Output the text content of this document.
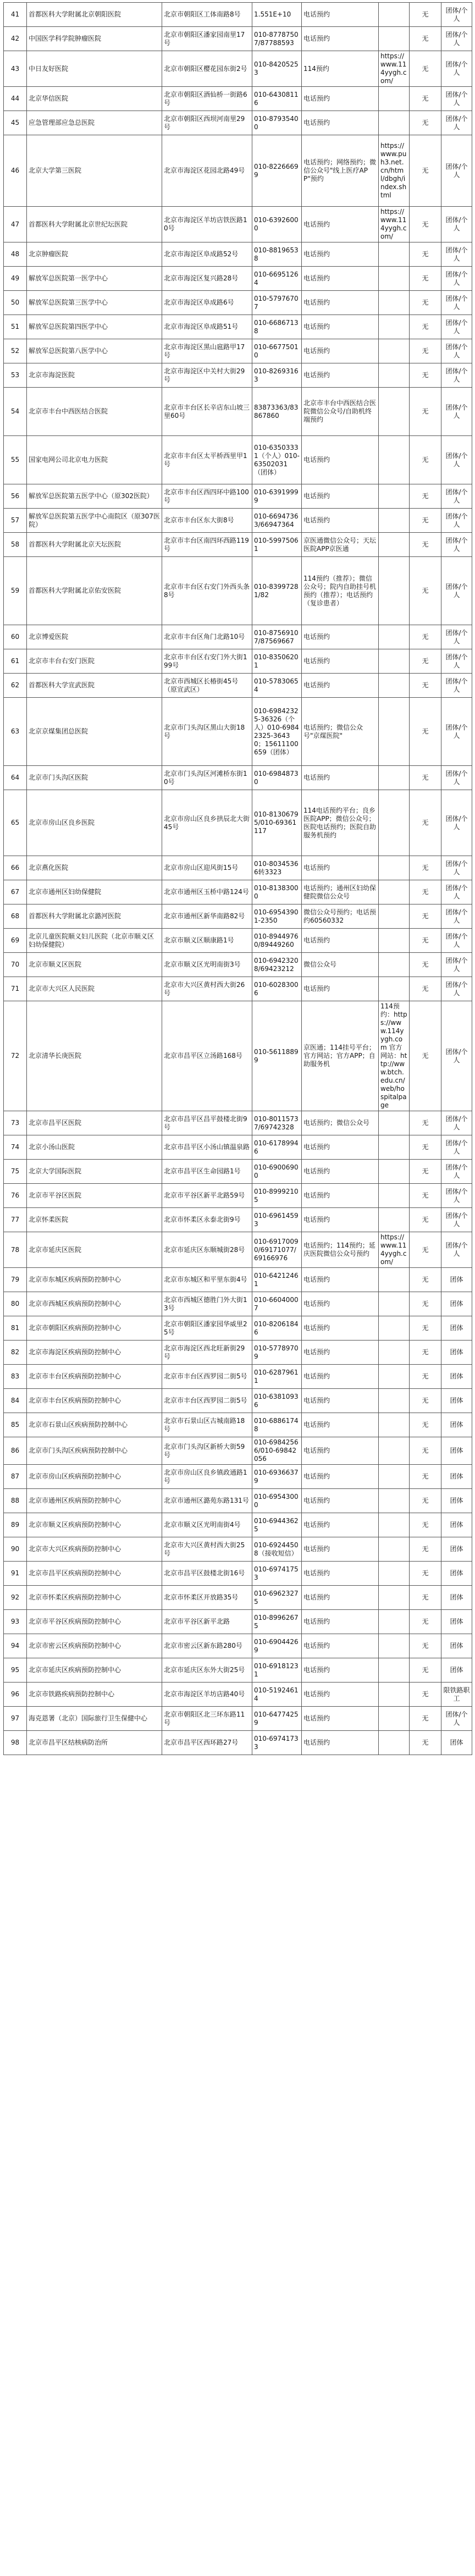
41	首都医科大学附属北京朝阳医院	北京市朝阳区工体南路8号	1.551E+10	电话预约		无	团体/个人
42	中国医学科学院肿瘤医院	北京市朝阳区潘家园南里17号	010-87787507/87788593	电话预约		无	团体/个人
43	中日友好医院	北京市朝阳区樱花园东街2号	010-84205253	114预约	https://www.114yygh.com/	无	团体/个人
44	北京华信医院	北京市朝阳区酒仙桥一街路6号	010-64308116	电话预约		无	团体/个人
45	应急管理部应急总医院	北京市朝阳区西坝河南里29号	010-87935400	电话预约		无	团体/个人
46	北京大学第三医院	北京市海淀区花园北路49号	010-82266699	电话预约；网络预约；微信公众号"线上医疗APP"预约	https://www.puh3.net.cn/html/dbgh/index.shtml	无	团体/个人
47	首都医科大学附属北京世纪坛医院	北京市海淀区羊坊店铁医路10号	010-63926000	电话预约	https://www.114yygh.com/	无	团体/个人
48	北京肿瘤医院	北京市海淀区阜成路52号	010-88196538	电话预约		无	团体/个人
49	解放军总医院第一医学中心	北京市海淀区复兴路28号	010-66951264	电话预约		无	团体/个人
50	解放军总医院第三医学中心	北京市海淀区阜成路6号	010-57976707	电话预约		无	团体/个人
51	解放军总医院第四医学中心	北京市海淀区阜成路51号	010-66867138	电话预约		无	团体/个人
52	解放军总医院第八医学中心	北京市海淀区黑山扈路甲17号	010-66775010	电话预约		无	团体/个人
53	北京市海淀医院	北京市海淀区中关村大街29号	010-82693163	电话预约		无	团体/个人
54	北京市丰台中西医结合医院	北京市丰台区长辛店东山坡三里60号	83873363/83867860	北京市丰台中西医结合医院微信公众号/自助机终端预约		无	团体/个人
55	国家电网公司北京电力医院	北京市丰台区太平桥西里甲1号	010-63503331（个人）010-63502031（团体）	电话预约		无	团体/个人
56	解放军总医院第五医学中心（原302医院）	北京市丰台区西四环中路100号	010-63919999	电话预约		无	团体/个人
57	解放军总医院第五医学中心南院区（原307医院）	北京市丰台区东大街8号	010-66947363/66947364	电话预约		无	团体/个人
58	首都医科大学附属北京天坛医院	北京市丰台区南四环西路119号	010-59975061	京医通微信公众号；天坛医院APP京医通		无	团体/个人
59	首都医科大学附属北京佑安医院	北京市丰台区右安门外西头条8号	010-83997281/82	114预约（推荐）；微信公众号；院内自助挂号机预约（推荐）；电话预约（复诊患者）		无	团体/个人
60	北京博爱医院	北京市丰台区角门北路10号	010-87569107/87569667	电话预约		无	团体/个人
61	北京市丰台右安门医院	北京市丰台区右安门外大街199号	010-83506201	电话预约		无	团体/个人
62	首都医科大学宣武医院	北京市西城区长椿街45号（原宣武区）	010-57830654	电话预约		无	团体/个人
63	北京京煤集团总医院	北京市门头沟区黑山大街18号	010-69842325-36326（个人）010-69842325-36430；15611100659（团体）	电话预约；微信公众号"京煤医院"		无	团体/个人
64	北京市门头沟区医院	北京市门头沟区河滩桥东街10号	010-69848730	电话预约		无	团体/个人
65	北京市房山区良乡医院	北京市房山区良乡拱辰北大街45号	010-81306795/010-69361117	114电话预约平台；良乡医院APP；微信公众号；医院电话预约；医院自助服务机预约		无	团体/个人
66	北京燕化医院	北京市房山区迎风街15号	010-80345366转3323	电话预约		无	团体/个人
67	北京市通州区妇幼保健院	北京市通州区玉桥中路124号	010-81383000	电话预约；通州区妇幼保健院微信公众号		无	团体/个人
68	首都医科大学附属北京潞河医院	北京市通州区新华南路82号	010-69543901-2350	微信公众号预约；电话预约60560332		无	团体/个人
69	北京儿童医院顺义妇儿医院（北京市顺义区妇幼保健院）	北京市顺义区顺康路1号	010-89449760/89449260	电话预约		无	团体/个人
70	北京市顺义区医院	北京市顺义区光明南街3号	010-69423208/69423212	微信公众号		无	团体/个人
71	北京市大兴区人民医院	北京市大兴区黄村西大街26号	010-60283006	电话预约		无	团体/个人
72	北京清华长庚医院	北京市昌平区立汤路168号	010-56118899	京医通；114挂号平台；官方网站；官方APP；自助服务机	114预约：https://www.114yygh.com 官方网站：http://www.btch.edu.cn/web/hospitalpage	无	团体/个人
73	北京市昌平区医院	北京市昌平区昌平鼓楼北街9号	010-80115737/69742328	电话预约；微信公众号		无	团体/个人
74	北京小汤山医院	北京市昌平区小汤山镇温泉路	010-61789946	电话预约		无	团体/个人
75	北京大学国际医院	北京市昌平区生命园路1号	010-69006900	电话预约		无	团体/个人
76	北京市平谷区医院	北京市平谷区新平北路59号	010-89992105	电话预约		无	团体/个人
77	北京怀柔医院	北京市怀柔区永泰北街9号	010-69614593	电话预约		无	团体/个人
78	北京市延庆区医院	北京市延庆区东顺城街28号	010-69170090/69171077/69166976	电话预约；114预约；延庆医院微信公众号预约	https://www.114yygh.com/	无	团体/个人
79	北京市东城区疾病预防控制中心	北京市东城区和平里东街4号	010-64212461	电话预约		无	团体
80	北京市西城区疾病预防控制中心	北京市西城区德胜门外大街13号	010-66040007	电话预约		无	团体
81	北京市朝阳区疾病预防控制中心	北京市朝阳区潘家园华威里25号	010-82061846	电话预约		无	团体
82	北京市海淀区疾病预防控制中心	北京市海淀区西北旺新街29号	010-57789709	电话预约		无	团体
83	北京市丰台区疾病预防控制中心	北京市丰台区西罗园二街5号	010-62879611	电话预约		无	团体
84	北京市丰台区疾病预防控制中心	北京市丰台区西罗园二街5号	010-63810936	电话预约		无	团体
85	北京市石景山区疾病预防控制中心	北京市石景山区古城南路18号	010-68861748	电话预约		无	团体
86	北京市门头沟区疾病预防控制中心	北京市门头沟区新桥大街59号	010-69842566/010-69842056	电话预约		无	团体
87	北京市房山区疾病预防控制中心	北京市房山区良乡镇政通路1号	010-69366379	电话预约		无	团体
88	北京市通州区疾病预防控制中心	北京市通州区潞苑东路131号	010-69543000	电话预约		无	团体
89	北京市顺义区疾病预防控制中心	北京市顺义区光明南街4号	010-69443625	电话预约		无	团体
90	北京市大兴区疾病预防控制中心	北京市大兴区黄村西大街25号	010-69244508（接收短信）	电话预约		无	团体
91	北京市昌平区疾病预防控制中心	北京市昌平区鼓楼北街16号	010-69741753	电话预约		无	团体
92	北京市怀柔区疾病预防控制中心	北京市怀柔区开放路35号	010-69623275	电话预约		无	团体
93	北京市平谷区疾病预防控制中心	北京市平谷区新平北路	010-89962675	电话预约		无	团体
94	北京市密云区疾病预防控制中心	北京市密云区新东路280号	010-69044269	电话预约		无	团体
95	北京市延庆区疾病预防控制中心	北京市延庆区东外大街25号	010-69181231	电话预约		无	团体
96	北京市铁路疾病预防控制中心	北京市海淀区羊坊店路40号	010-51924614	电话预约		无	限铁路职工
97	海克恩署（北京）国际旅行卫生保健中心	北京市朝阳区北三环东路11号	010-64774259	电话预约		无	团体/个人
98	北京市昌平区结核病防治所	北京市昌平区西环路27号	010-69741733	电话预约		无	团体
